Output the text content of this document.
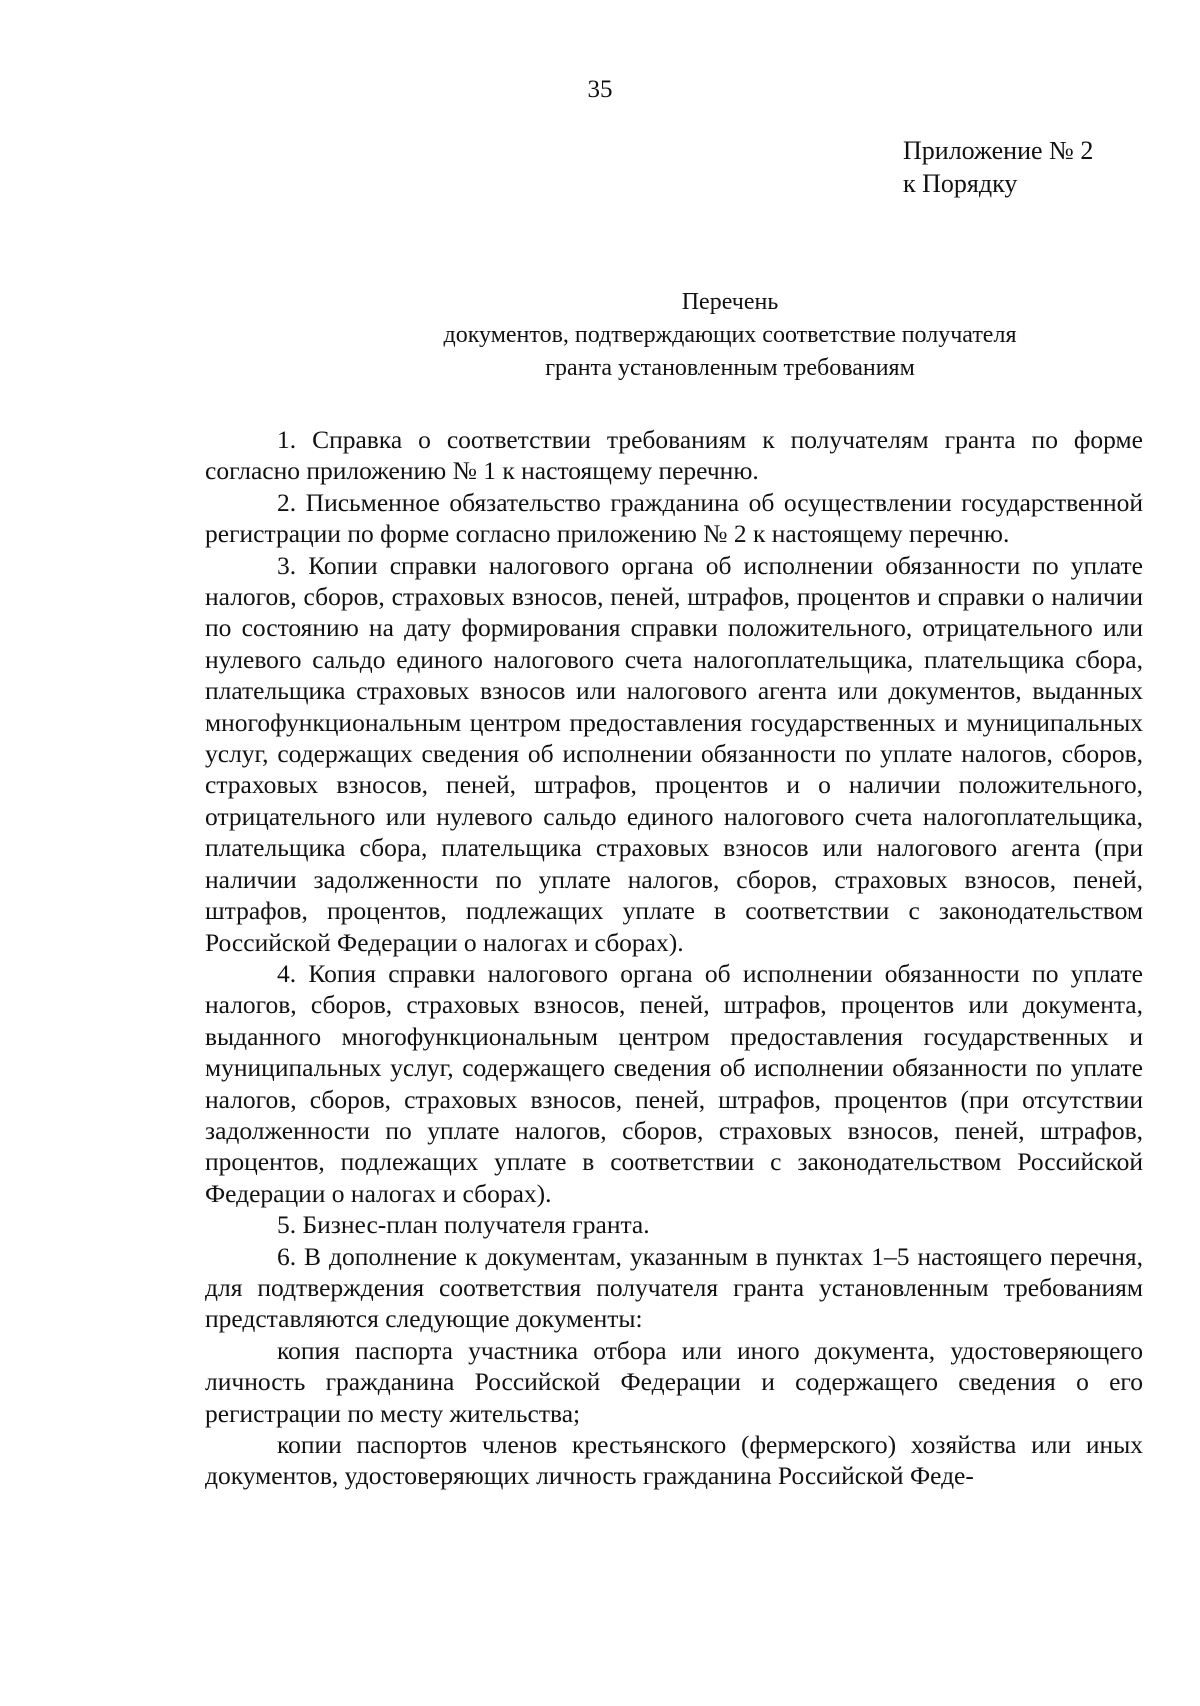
35
Приложение № 2
к Порядку
Перечень
документов, подтверждающих соответствие получателя
гранта установленным требованиям

1. Справка о соответствии требованиям к получателям гранта по форме согласно приложению № 1 к настоящему перечню.

2. Письменное обязательство гражданина об осуществлении государственной регистрации по форме согласно приложению № 2 к настоящему перечню.

3. Копии справки налогового органа об исполнении обязанности по уплате налогов, сборов, страховых взносов, пеней, штрафов, процентов и справки о наличии по состоянию на дату формирования справки положительного, отрицательного или нулевого сальдо единого налогового счета налогоплательщика, плательщика сбора, плательщика страховых взносов или налогового агента или документов, выданных многофункциональным центром предоставления государственных и муниципальных услуг, содержащих сведения об исполнении обязанности по уплате налогов, сборов, страховых взносов, пеней, штрафов, процентов и о наличии положительного, отрицательного или нулевого сальдо единого налогового счета налогоплательщика, плательщика сбора, плательщика страховых взносов или налогового агента (при наличии задолженности по уплате налогов, сборов, страховых взносов, пеней, штрафов, процентов, подлежащих уплате в соответствии с законодательством Российской Федерации о налогах и сборах).

4. Копия справки налогового органа об исполнении обязанности по уплате налогов, сборов, страховых взносов, пеней, штрафов, процентов или документа, выданного многофункциональным центром предоставления государственных и муниципальных услуг, содержащего сведения об исполнении обязанности по уплате налогов, сборов, страховых взносов, пеней, штрафов, процентов (при отсутствии задолженности по уплате налогов, сборов, страховых взносов, пеней, штрафов, процентов, подлежащих уплате в соответствии с законодательством Российской Федерации о налогах и сборах).

5. Бизнес-план получателя гранта.

6. В дополнение к документам, указанным в пунктах 1–5 настоящего перечня, для подтверждения соответствия получателя гранта установленным требованиям представляются следующие документы:

копия паспорта участника отбора или иного документа, удостоверяющего личность гражданина Российской Федерации и содержащего сведения о его регистрации по месту жительства;

копии паспортов членов крестьянского (фермерского) хозяйства или иных документов, удостоверяющих личность гражданина Российской Феде-
